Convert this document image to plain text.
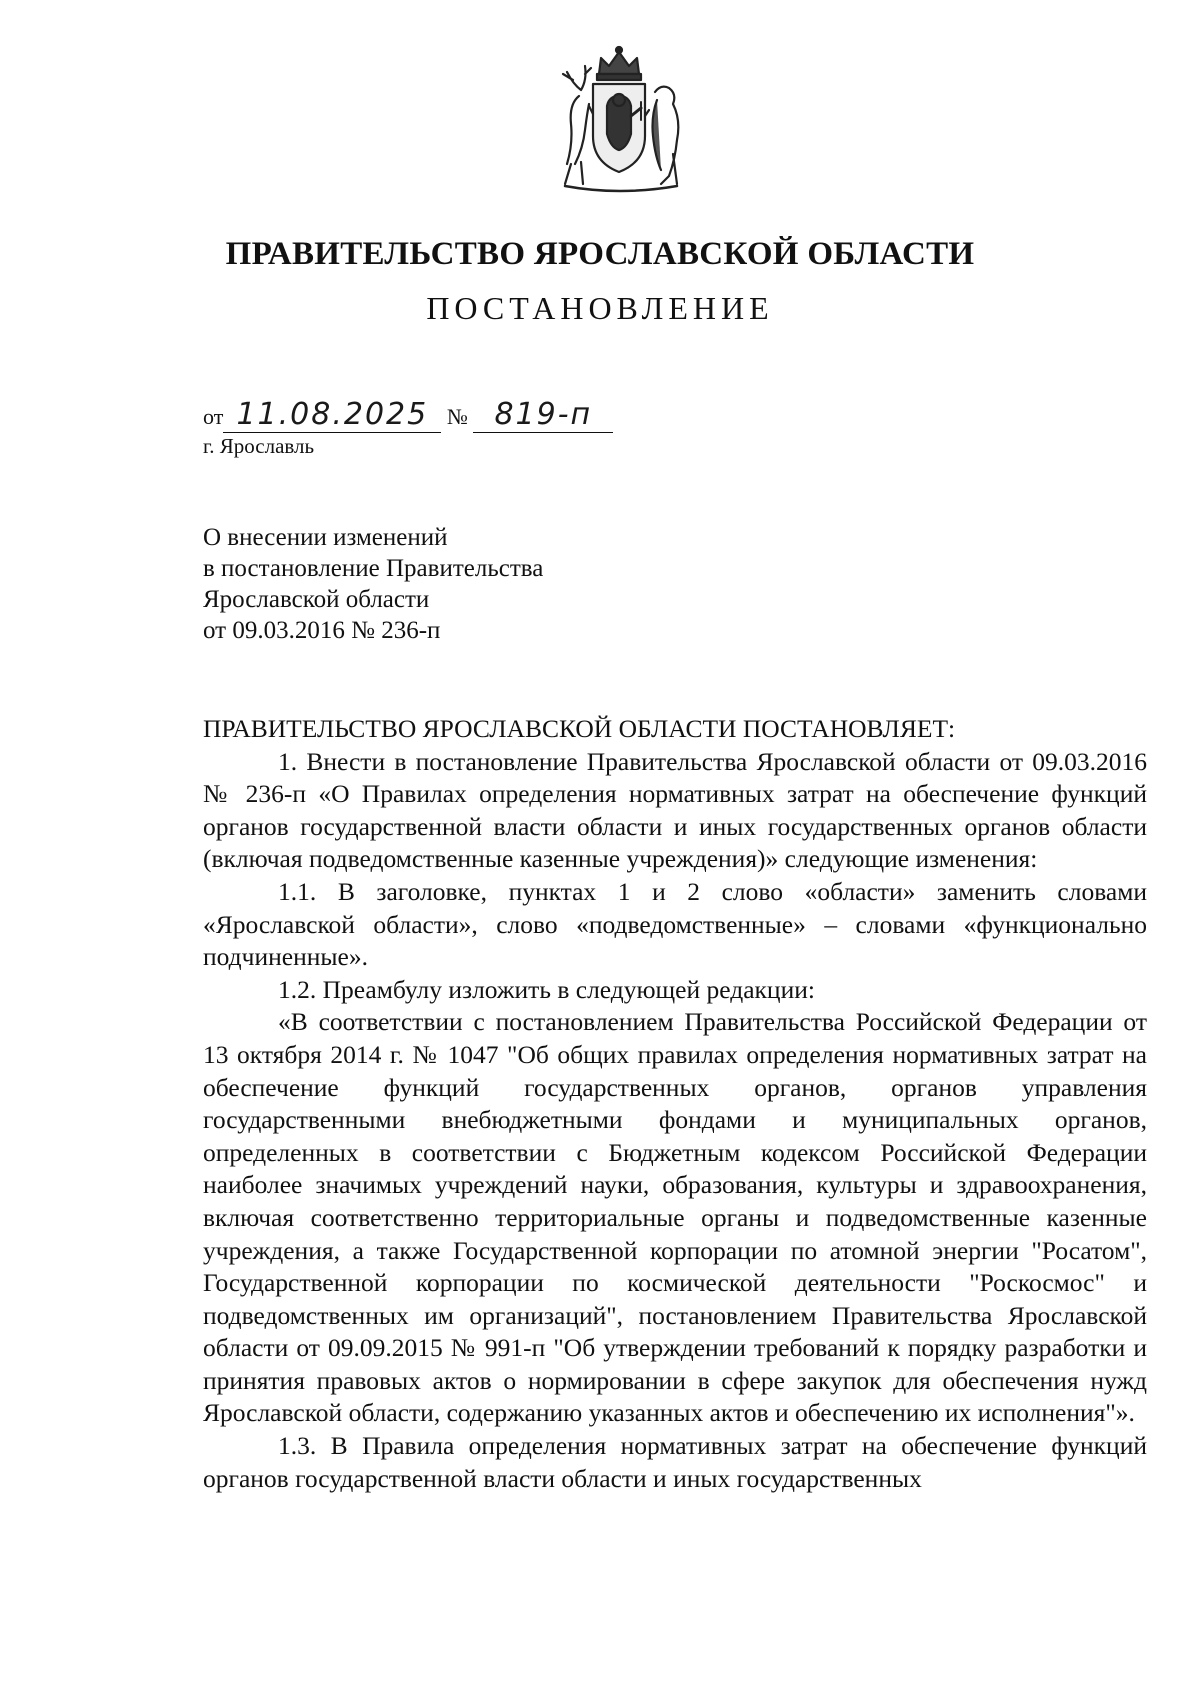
ПРАВИТЕЛЬСТВО ЯРОСЛАВСКОЙ ОБЛАСТИ
ПОСТАНОВЛЕНИЕ
от 11.08.2025 № 819-п
г. Ярославль
О внесении изменений
в постановление Правительства
Ярославской области
от 09.03.2016 № 236-п
ПРАВИТЕЛЬСТВО ЯРОСЛАВСКОЙ ОБЛАСТИ ПОСТАНОВЛЯЕТ:

1. Внести в постановление Правительства Ярославской области от 09.03.2016 № 236-п «О Правилах определения нормативных затрат на обеспечение функций органов государственной власти области и иных государственных органов области (включая подведомственные казенные учреждения)» следующие изменения:

1.1. В заголовке, пунктах 1 и 2 слово «области» заменить словами «Ярославской области», слово «подведомственные» – словами «функционально подчиненные».

1.2. Преамбулу изложить в следующей редакции:

«В соответствии с постановлением Правительства Российской Федерации от 13 октября 2014 г. № 1047 "Об общих правилах определения нормативных затрат на обеспечение функций государственных органов, органов управления государственными внебюджетными фондами и муниципальных органов, определенных в соответствии с Бюджетным кодексом Российской Федерации наиболее значимых учреждений науки, образования, культуры и здравоохранения, включая соответственно территориальные органы и подведомственные казенные учреждения, а также Государственной корпорации по атомной энергии "Росатом", Государственной корпорации по космической деятельности "Роскосмос" и подведомственных им организаций", постановлением Правительства Ярославской области от 09.09.2015 № 991-п "Об утверждении требований к порядку разработки и принятия правовых актов о нормировании в сфере закупок для обеспечения нужд Ярославской области, содержанию указанных актов и обеспечению их исполнения"».

1.3. В Правила определения нормативных затрат на обеспечение функций органов государственной власти области и иных государственных
